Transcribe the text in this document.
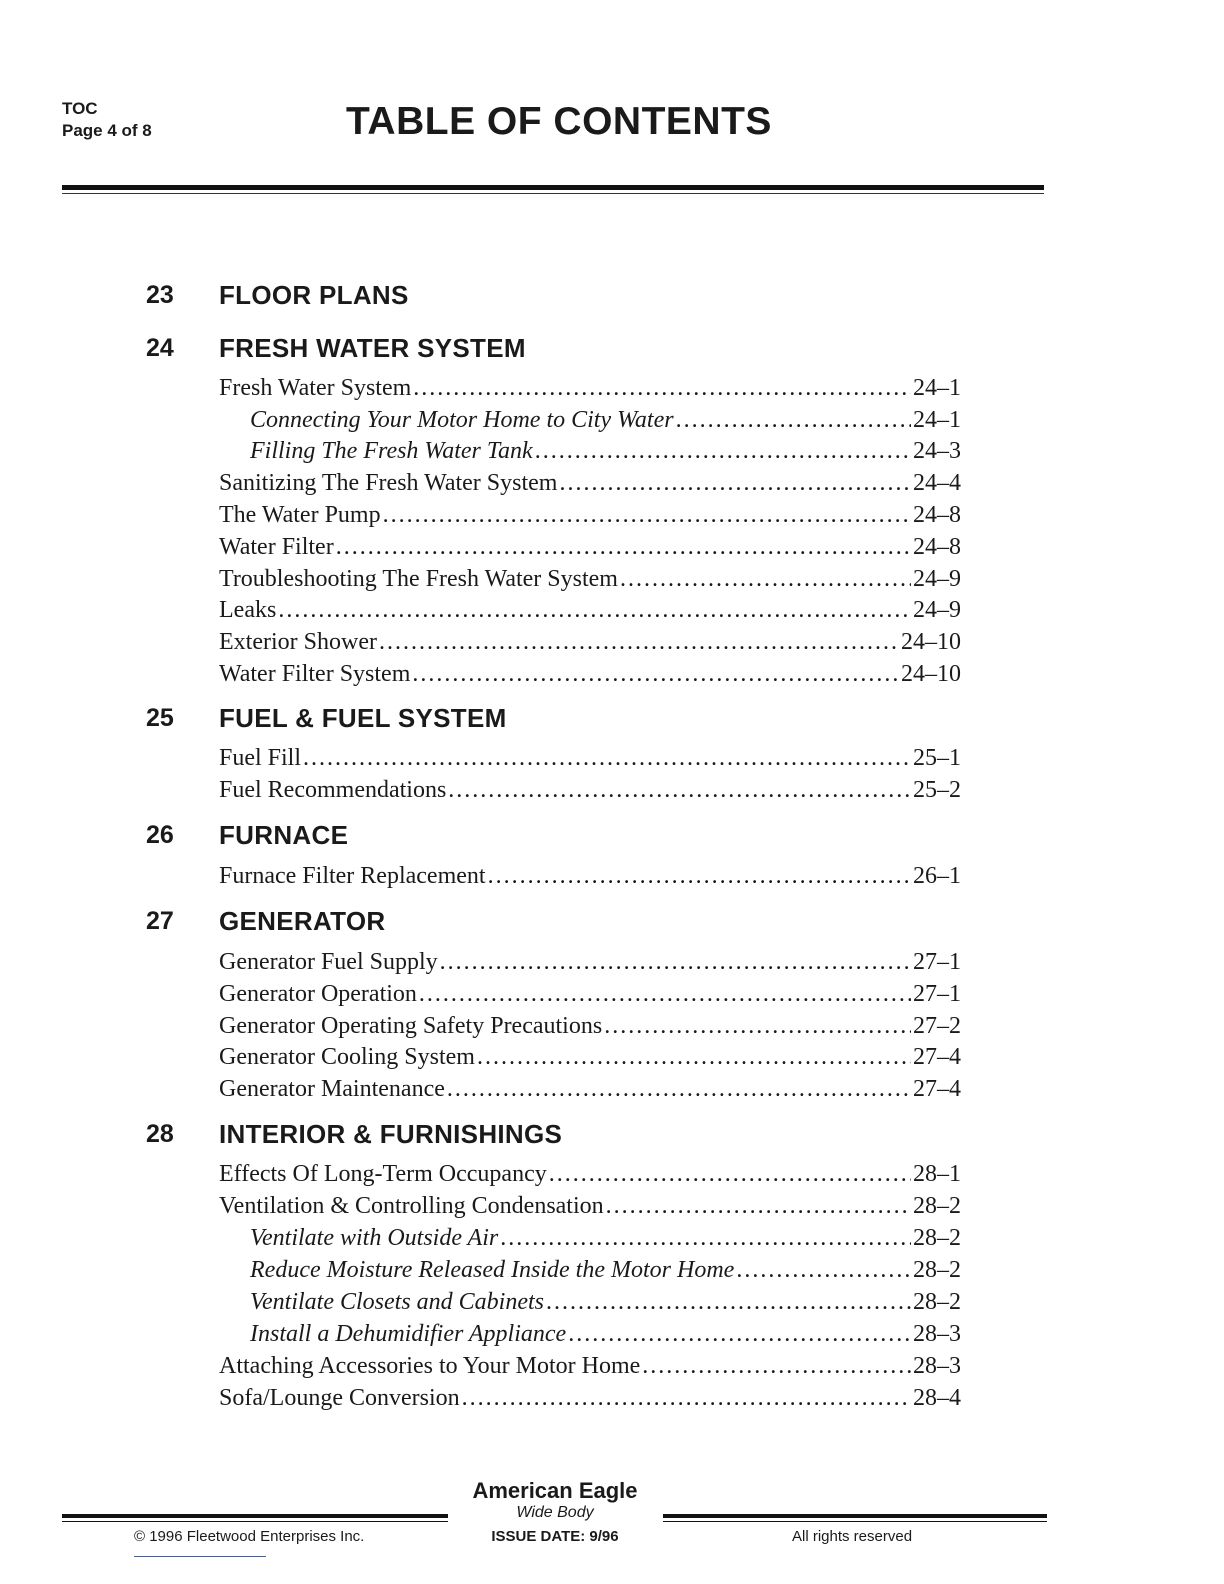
TOC
Page 4 of 8	TABLE OF CONTENTS
23 FLOOR PLANS
24 FRESH WATER SYSTEM
Fresh Water System . . .	24–1
Connecting Your Motor Home to City Water . . .	24–1
Filling The Fresh Water Tank . . .	24–3
Sanitizing The Fresh Water System . . .	24–4
The Water Pump . . .	24–8
Water Filter . . .	24–8
Troubleshooting The Fresh Water System . . .	24–9
Leaks . . .	24–9
Exterior Shower . . .	24–10
Water Filter System . . .	24–10
25 FUEL & FUEL SYSTEM
Fuel Fill . . .	25–1
Fuel Recommendations . . .	25–2
26 FURNACE
Furnace Filter Replacement . . .	26–1
27 GENERATOR
Generator Fuel Supply . . .	27–1
Generator Operation . . .	27–1
Generator Operating Safety Precautions . . .	27–2
Generator Cooling System . . .	27–4
Generator Maintenance . . .	27–4
28 INTERIOR & FURNISHINGS
Effects Of Long-Term Occupancy . . .	28–1
Ventilation & Controlling Condensation . . .	28–2
Ventilate with Outside Air . . .	28–2
Reduce Moisture Released Inside the Motor Home . . .	28–2
Ventilate Closets and Cabinets . . .	28–2
Install a Dehumidifier Appliance . . .	28–3
Attaching Accessories to Your Motor Home . . .	28–3
Sofa/Lounge Conversion . . .	28–4
American Eagle
Wide Body
© 1996 Fleetwood Enterprises Inc.	ISSUE DATE: 9/96	All rights reserved
